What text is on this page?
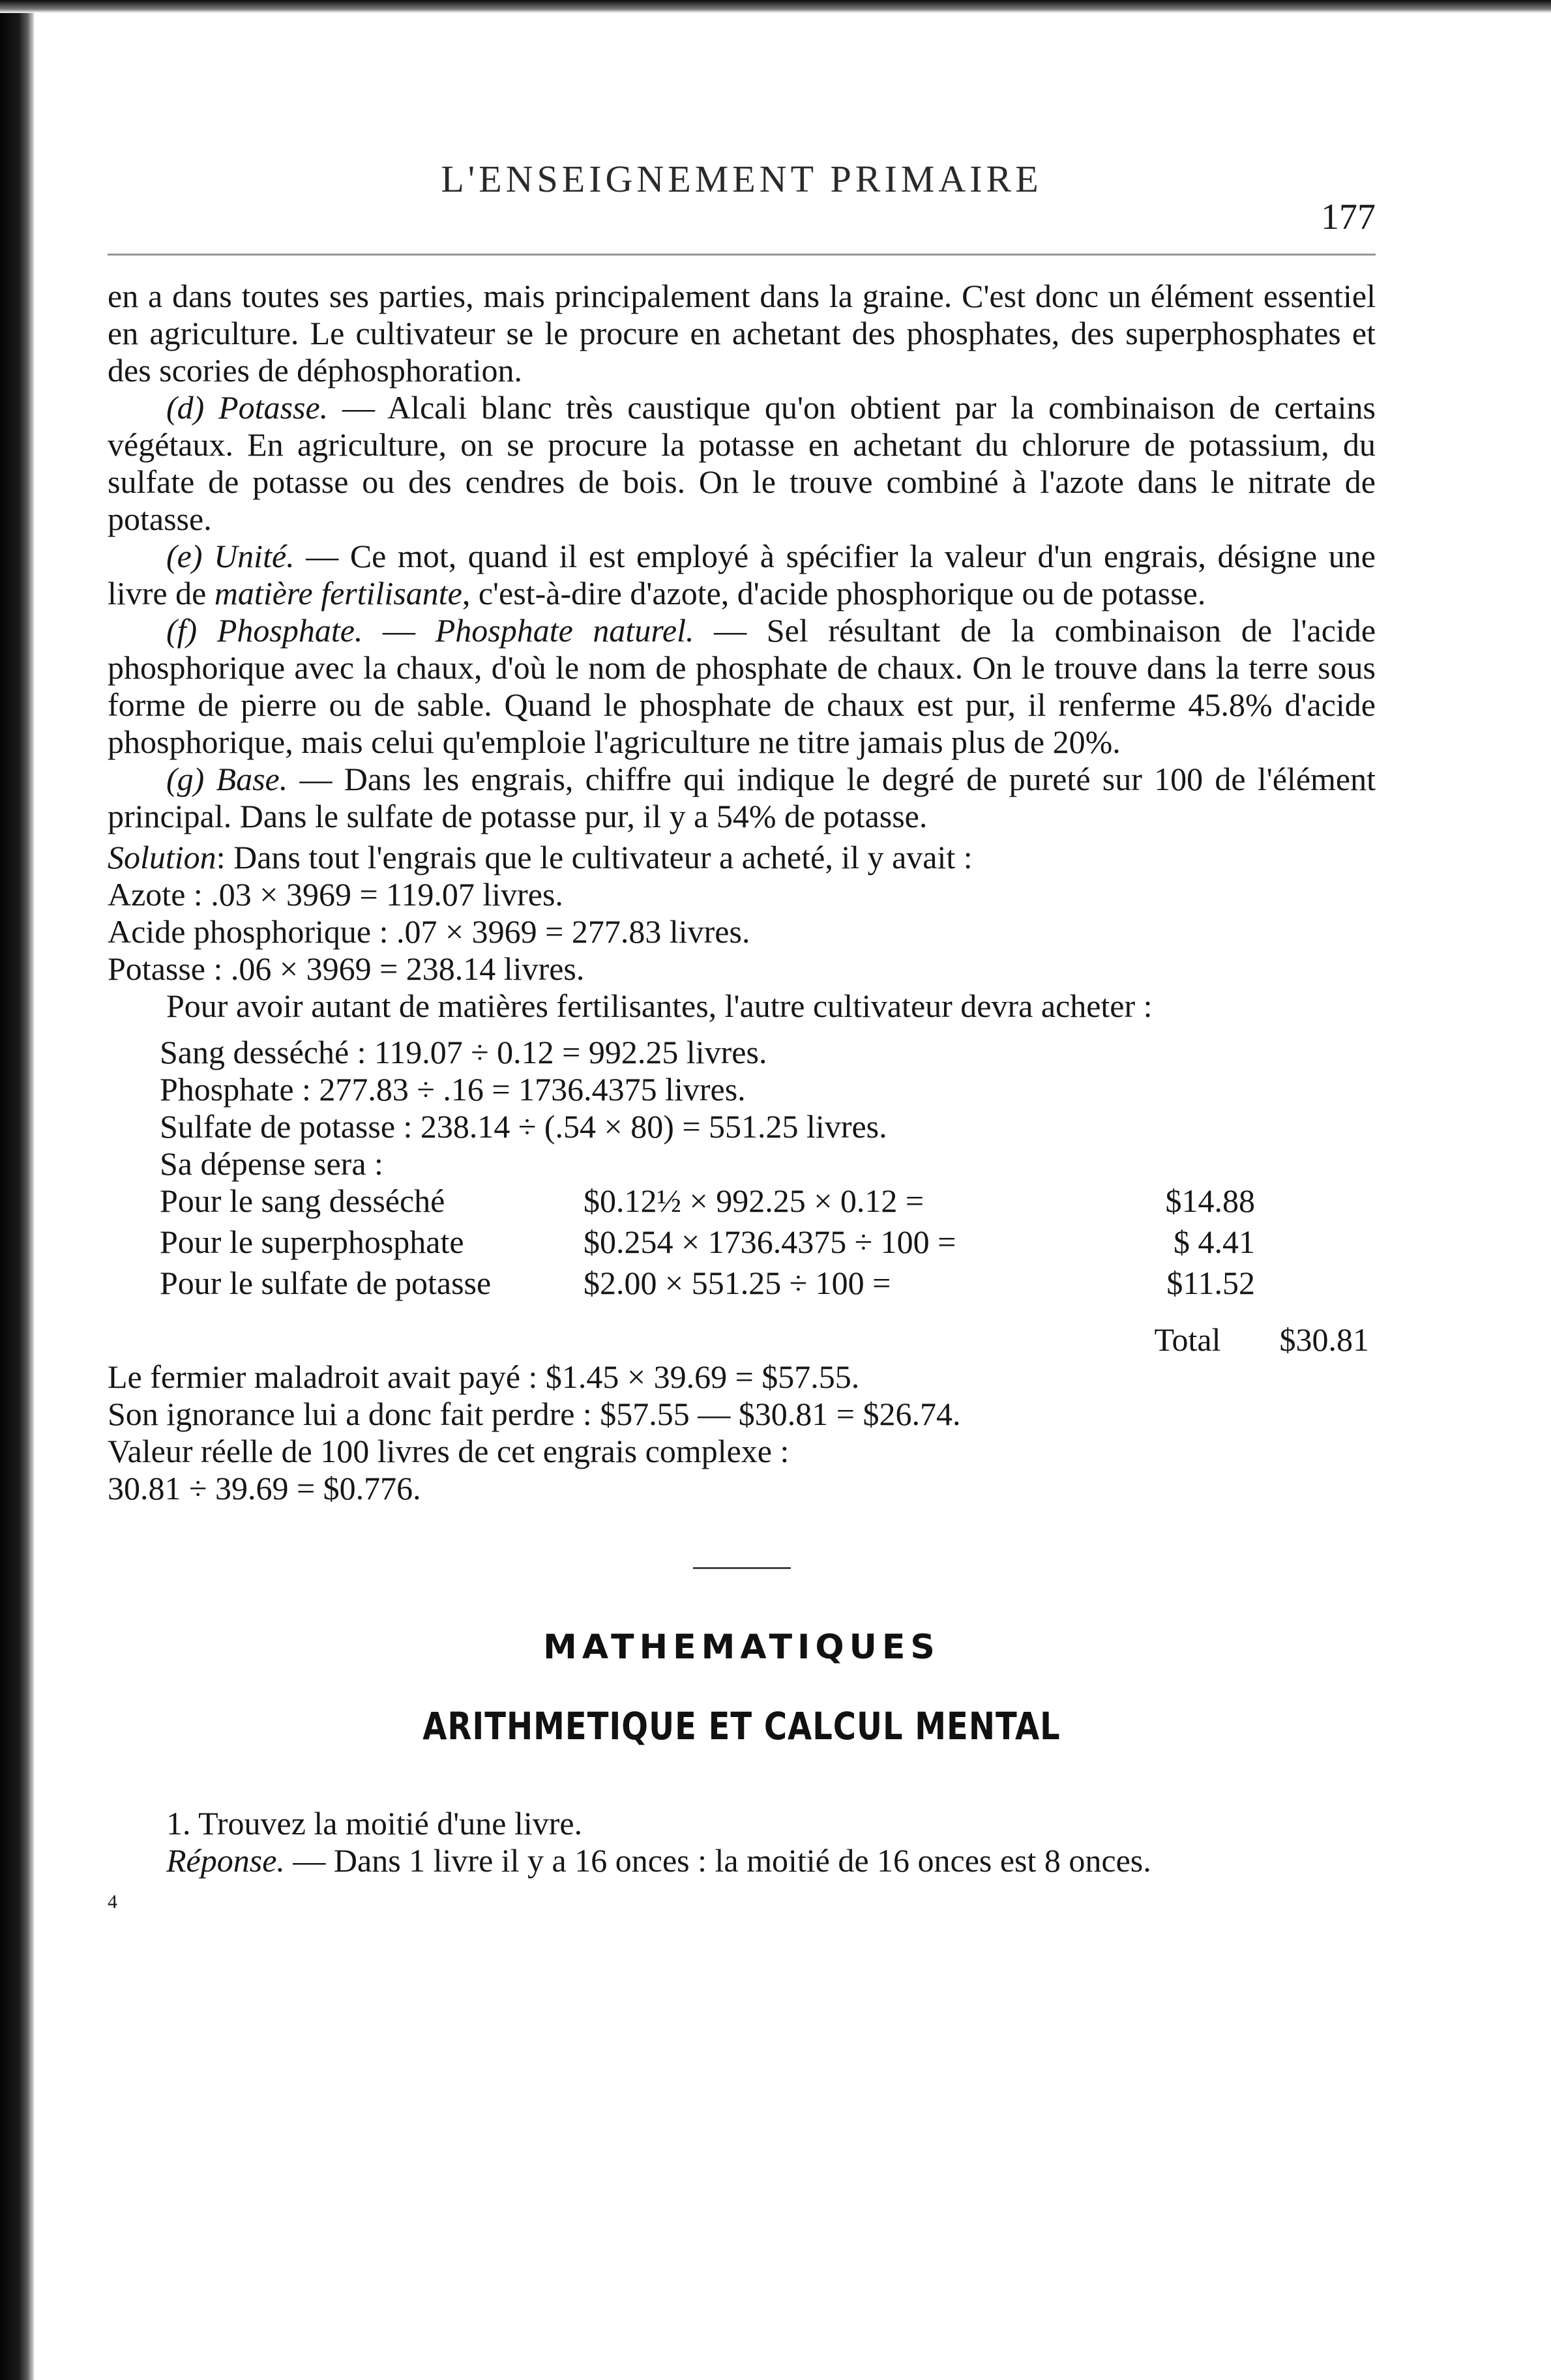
L'ENSEIGNEMENT PRIMAIRE
177

en a dans toutes ses parties, mais principalement dans la graine. C'est donc un élément essentiel en agriculture. Le cultivateur se le procure en achetant des phosphates, des superphosphates et des scories de déphosphoration.

(d) Potasse. — Alcali blanc très caustique qu'on obtient par la combinaison de certains végétaux. En agriculture, on se procure la potasse en achetant du chlorure de potassium, du sulfate de potasse ou des cendres de bois. On le trouve combiné à l'azote dans le nitrate de potasse.

(e) Unité. — Ce mot, quand il est employé à spécifier la valeur d'un engrais, désigne une livre de matière fertilisante, c'est-à-dire d'azote, d'acide phosphorique ou de potasse.

(f) Phosphate. — Phosphate naturel. — Sel résultant de la combinaison de l'acide phosphorique avec la chaux, d'où le nom de phosphate de chaux. On le trouve dans la terre sous forme de pierre ou de sable. Quand le phosphate de chaux est pur, il renferme 45.8% d'acide phosphorique, mais celui qu'emploie l'agriculture ne titre jamais plus de 20%.

(g) Base. — Dans les engrais, chiffre qui indique le degré de pureté sur 100 de l'élément principal. Dans le sulfate de potasse pur, il y a 54% de potasse.

Solution: Dans tout l'engrais que le cultivateur a acheté, il y avait :

Azote : .03 × 3969 = 119.07 livres.

Acide phosphorique : .07 × 3969 = 277.83 livres.

Potasse : .06 × 3969 = 238.14 livres.

Pour avoir autant de matières fertilisantes, l'autre cultivateur devra acheter :

Sang desséché : 119.07 ÷ 0.12 = 992.25 livres.

Phosphate : 277.83 ÷ .16 = 1736.4375 livres.

Sulfate de potasse : 238.14 ÷ (.54 × 80) = 551.25 livres.

Sa dépense sera :

Pour le sang desséché	$0.12½ × 992.25 × 0.12 =	$14.88
Pour le superphosphate	$0.254 × 1736.4375 ÷ 100 =	$ 4.41
Pour le sulfate de potasse	$2.00 × 551.25 ÷ 100 =	$11.52
Total $30.81

Le fermier maladroit avait payé : $1.45 × 39.69 = $57.55.

Son ignorance lui a donc fait perdre : $57.55 — $30.81 = $26.74.

Valeur réelle de 100 livres de cet engrais complexe :

30.81 ÷ 39.69 = $0.776.

MATHEMATIQUES
ARITHMETIQUE ET CALCUL MENTAL

1. Trouvez la moitié d'une livre.

Réponse. — Dans 1 livre il y a 16 onces : la moitié de 16 onces est 8 onces.

4
